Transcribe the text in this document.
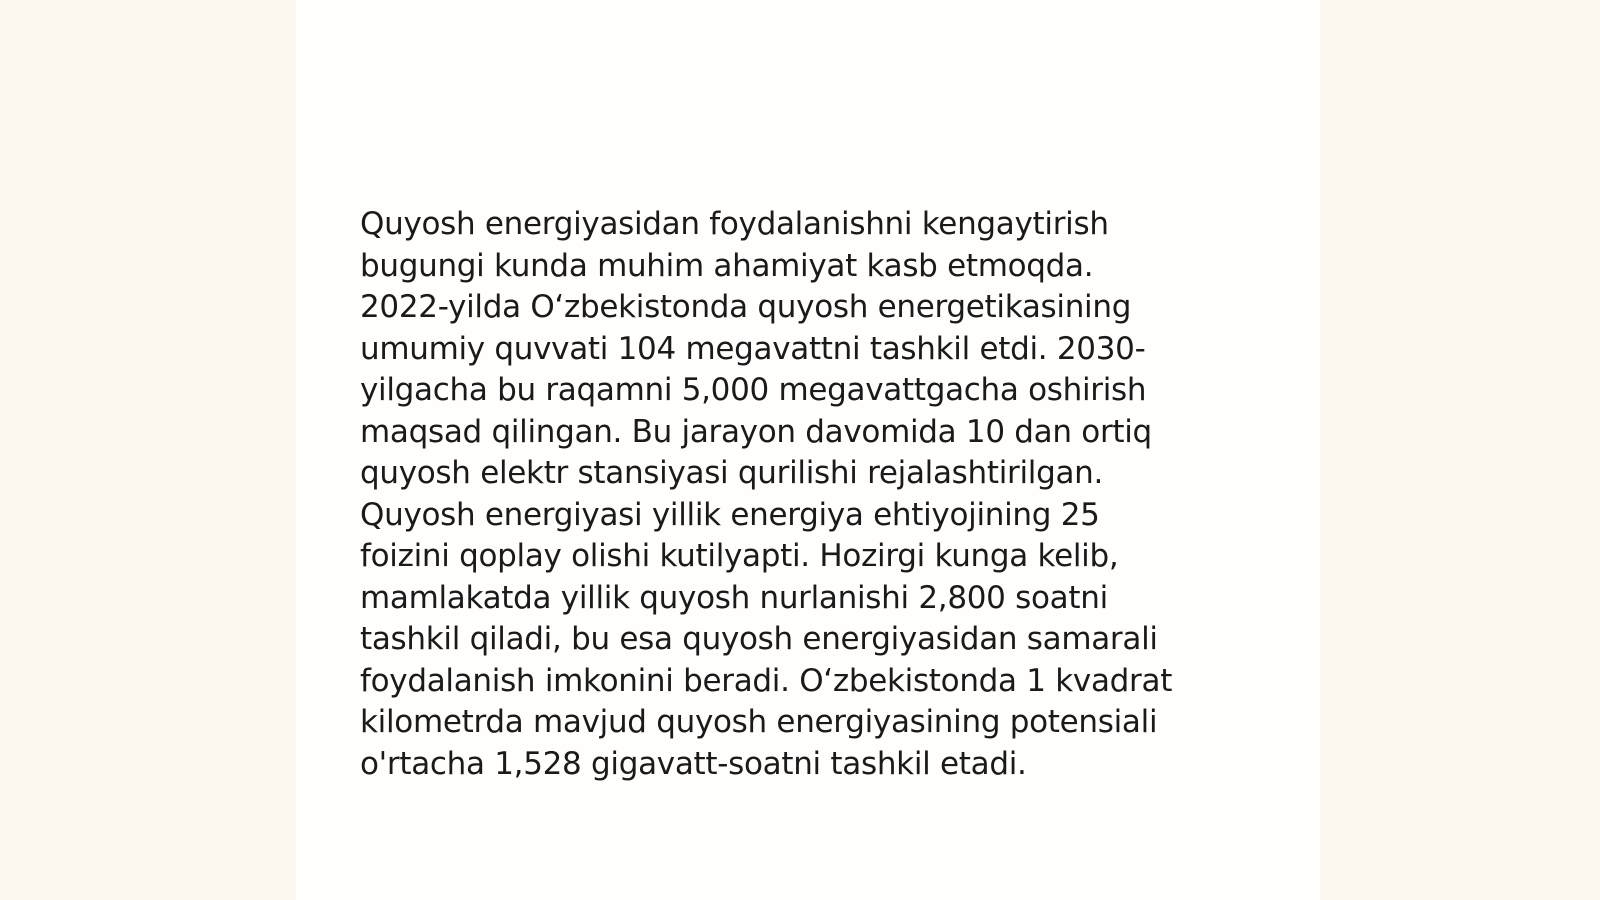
Quyosh energiyasidan foydalanishni kengaytirish
bugungi kunda muhim ahamiyat kasb etmoqda.
2022-yilda O‘zbekistonda quyosh energetikasining
umumiy quvvati 104 megavattni tashkil etdi. 2030-
yilgacha bu raqamni 5,000 megavattgacha oshirish
maqsad qilingan. Bu jarayon davomida 10 dan ortiq
quyosh elektr stansiyasi qurilishi rejalashtirilgan.
Quyosh energiyasi yillik energiya ehtiyojining 25
foizini qoplay olishi kutilyapti. Hozirgi kunga kelib,
mamlakatda yillik quyosh nurlanishi 2,800 soatni
tashkil qiladi, bu esa quyosh energiyasidan samarali
foydalanish imkonini beradi. O‘zbekistonda 1 kvadrat
kilometrda mavjud quyosh energiyasining potensiali
o'rtacha 1,528 gigavatt-soatni tashkil etadi.
